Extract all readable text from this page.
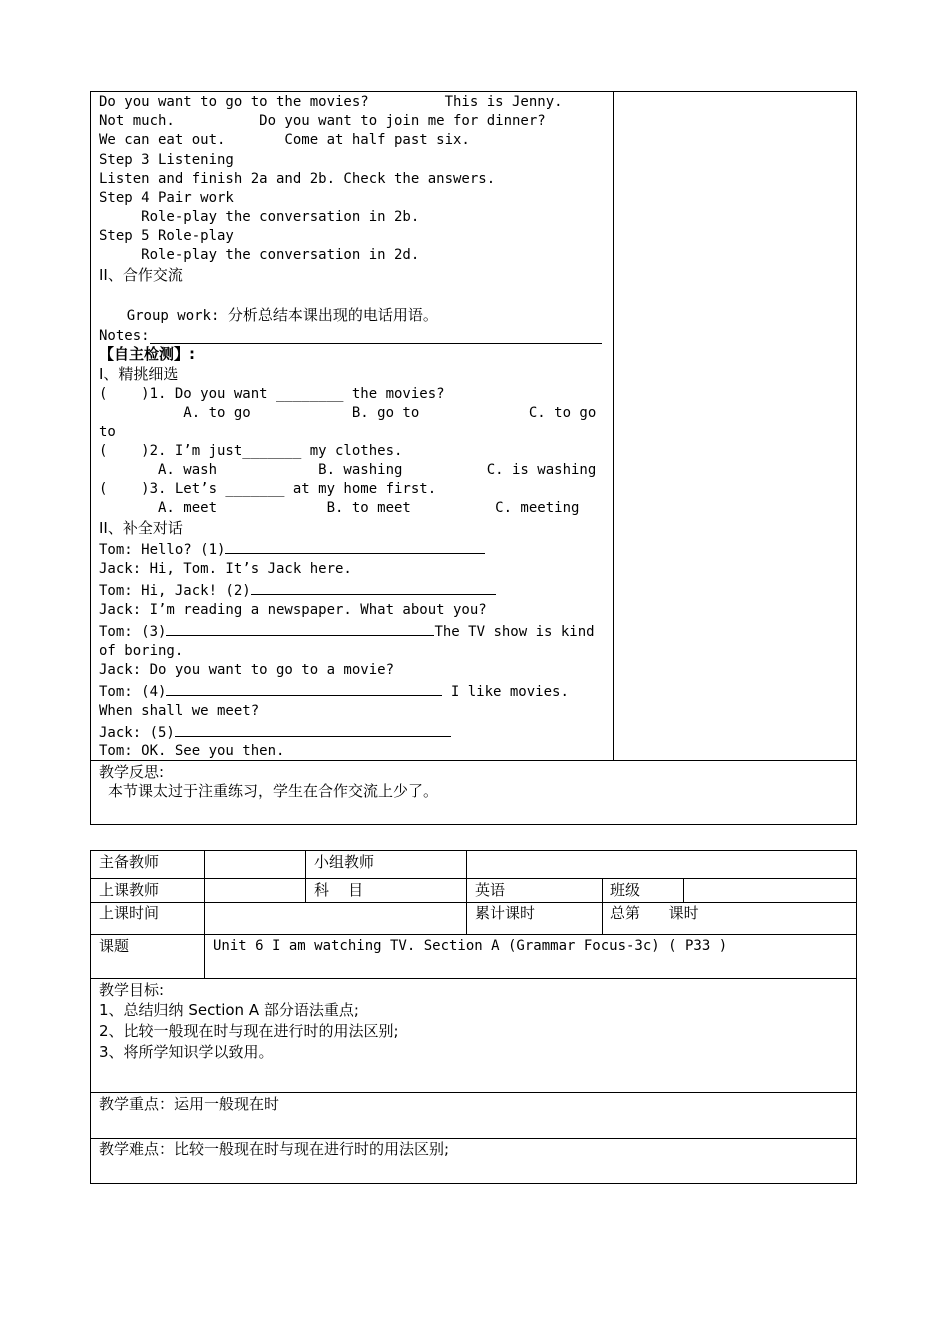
Do you want to go to the movies?         This is Jenny.
Not much.          Do you want to join me for dinner?
We can eat out.       Come at half past six.
Step 3 Listening
Listen and finish 2a and 2b. Check the answers.
Step 4 Pair work
Role-play the conversation in 2b.
Step 5 Role-play
Role-play the conversation in 2d.
II、合作交流

Group work: 分析总结本课出现的电话用语。

Notes:
【自主检测】:
I、精挑细选
(    )1. Do you want ________ the movies?
A. to go            B. go to             C. to go
to
(    )2. I’m just_______ my clothes.
A. wash            B. washing          C. is washing
(    )3. Let’s _______ at my home first.
A. meet             B. to meet          C. meeting
II、补全对话
Tom: Hello? (1)
Jack: Hi, Tom. It’s Jack here.
Tom: Hi, Jack! (2)
Jack: I’m reading a newspaper. What about you?
Tom: (3)	The TV show is kind
of boring.
Jack: Do you want to go to a movie?
Tom: (4)	I like movies.
When shall we meet?
Jack: (5)
Tom: OK. See you then.
教学反思:
本节课太过于注重练习，学生在合作交流上少了。
主备教师	小组教师
上课教师	科    目	英语	班级
上课时间	累计课时	总第      课时
课题	Unit 6 I am watching TV. Section A (Grammar Focus-3c) ( P33 )
教学目标:
1、总结归纳 Section A 部分语法重点;
2、比较一般现在时与现在进行时的用法区别;
3、将所学知识学以致用。
教学重点：运用一般现在时
教学难点：比较一般现在时与现在进行时的用法区别;
